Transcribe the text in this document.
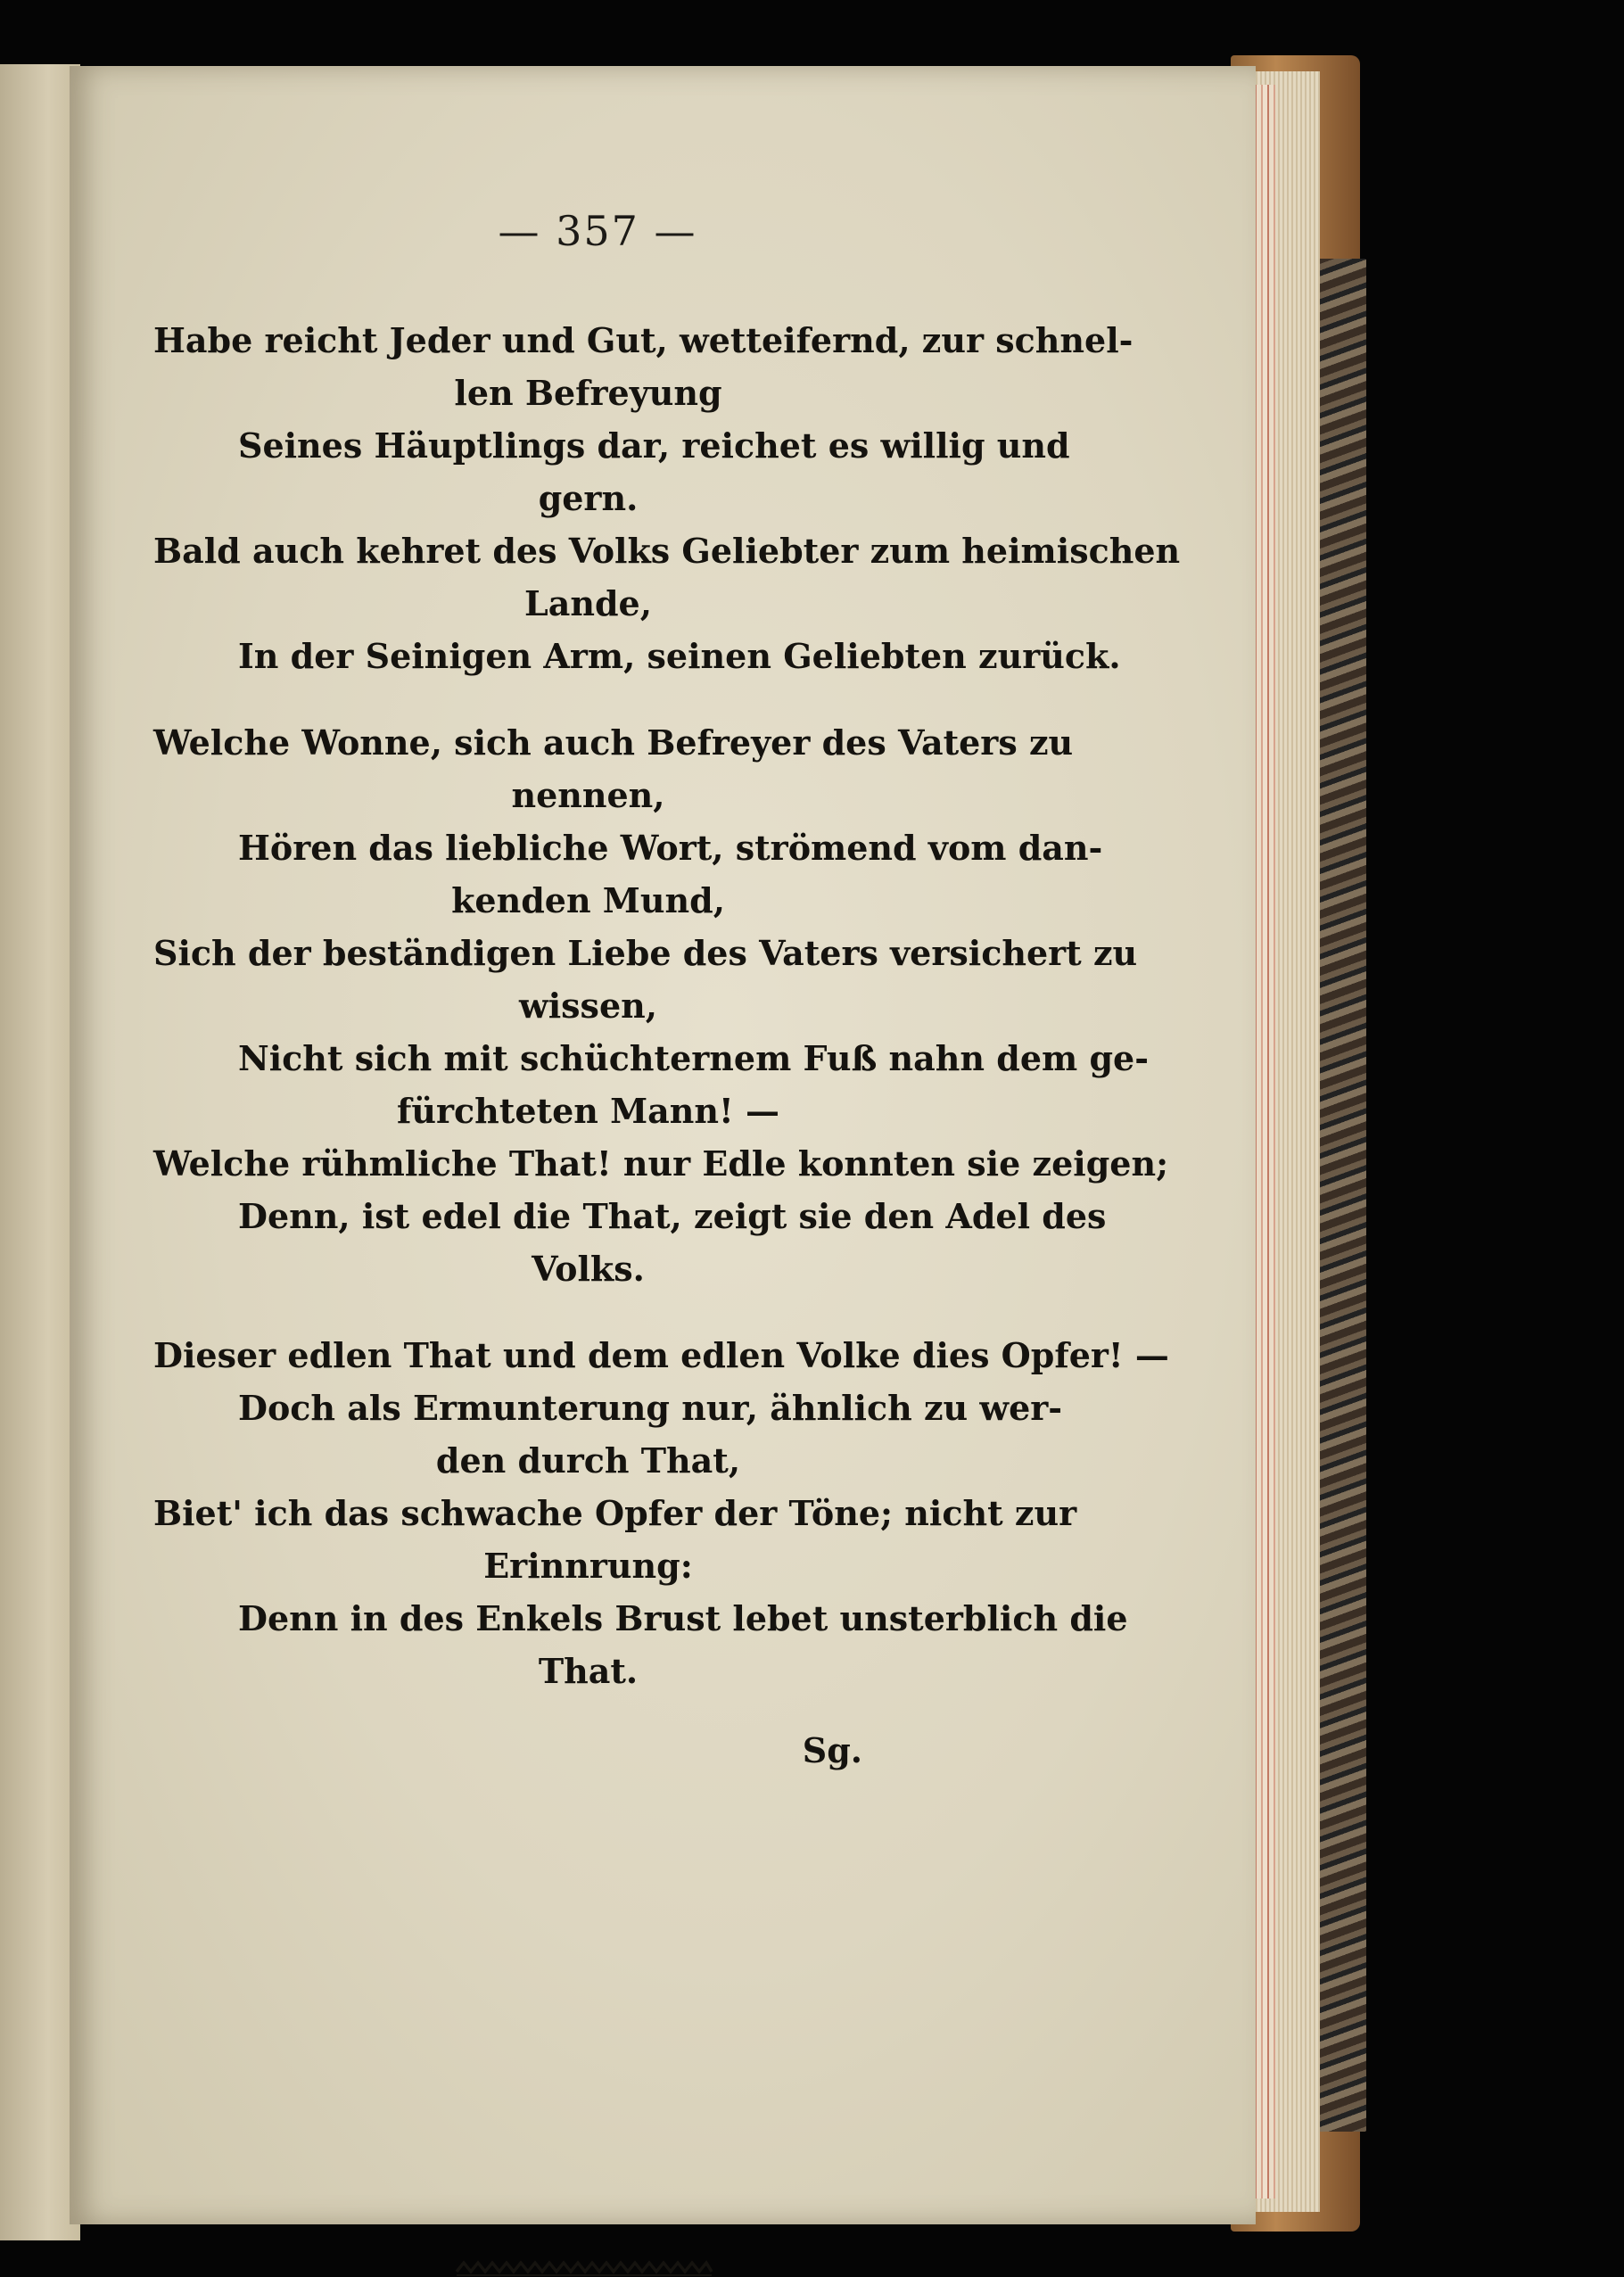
— 357 —
Habe reicht Jeder und Gut, wetteifernd, zur schnel-
len Befreyung
Seines Häuptlings dar, reichet es willig und
gern.
Bald auch kehret des Volks Geliebter zum heimischen
Lande,
In der Seinigen Arm, seinen Geliebten zurück.
Welche Wonne, sich auch Befreyer des Vaters zu
nennen,
Hören das liebliche Wort, strömend vom dan-
kenden Mund,
Sich der beständigen Liebe des Vaters versichert zu
wissen,
Nicht sich mit schüchternem Fuß nahn dem ge-
fürchteten Mann! —
Welche rühmliche That! nur Edle konnten sie zeigen;
Denn, ist edel die That, zeigt sie den Adel des
Volks.
Dieser edlen That und dem edlen Volke dies Opfer! —
Doch als Ermunterung nur, ähnlich zu wer-
den durch That,
Biet' ich das schwache Opfer der Töne; nicht zur
Erinnrung:
Denn in des Enkels Brust lebet unsterblich die
That.
Sg.
